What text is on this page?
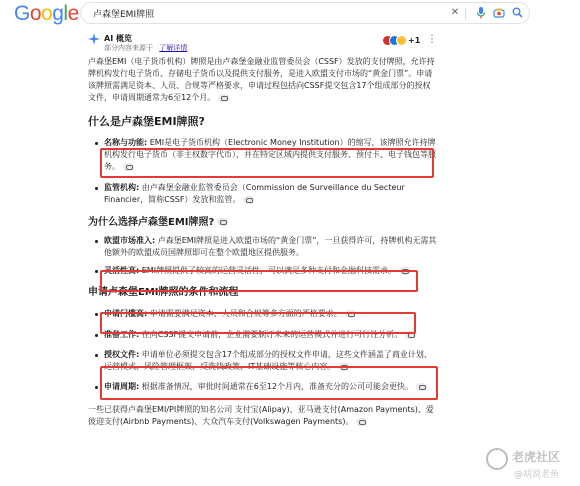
Google 卢森堡EMI牌照	✕
AI 概览
部分内容来源于 了解详情
+1 ⋮
卢森堡EMI（电子货币机构）牌照是由卢森堡金融业监管委员会（CSSF）发放的支付牌照，允许持牌机构发行电子货币、存储电子货币以及提供支付服务，是进入欧盟支付市场的“黄金门票”。申请该牌照需满足资本、人员、合规等严格要求，申请过程包括向CSSF提交包含17个组成部分的授权文件，申请周期通常为6至12个月。
什么是卢森堡EMI牌照?
名称与功能: EMI是电子货币机构（Electronic Money Institution）的缩写，该牌照允许持牌机构发行电子货币（非主权数字代币），并在特定区域内提供支付服务、预付卡、电子钱包等服务。
监管机构: 由卢森堡金融业监管委员会（Commission de Surveillance du Secteur Financier，简称CSSF）发放和监管。
为什么选择卢森堡EMI牌照?
欧盟市场准入: 卢森堡EMI牌照是进入欧盟市场的“黄金门票”，一旦获得许可，持牌机构无需其他额外的欧盟成员国牌照即可在整个欧盟地区提供服务。
灵活性高: EMI牌照提供了较高的运营灵活性，可以满足多种支付和金融科技需求。
申请卢森堡EMI牌照的条件和流程
申请门槛高: 申请需要满足资本、人员和合规等多方面的严格要求。
准备工作: 在向CSSF提交申请前，企业需要制订未来的运营模式并进行可行性分析。
授权文件: 申请单位必须提交包含17个组成部分的授权文件申请，这些文件涵盖了商业计划、运营模式、风险管理框架、反洗钱政策、IT基础设施等核心内容。
申请周期: 根据准备情况，审批时间通常在6至12个月内，准备充分的公司可能会更快。
一些已获得卢森堡EMI/PI牌照的知名公司 支付宝(Alipay)、亚马逊支付(Amazon Payments)、爱彼迎支付(Airbnb Payments)、大众汽车支付(Volkswagen Payments)。
老虎社区
@胡说老鱼
